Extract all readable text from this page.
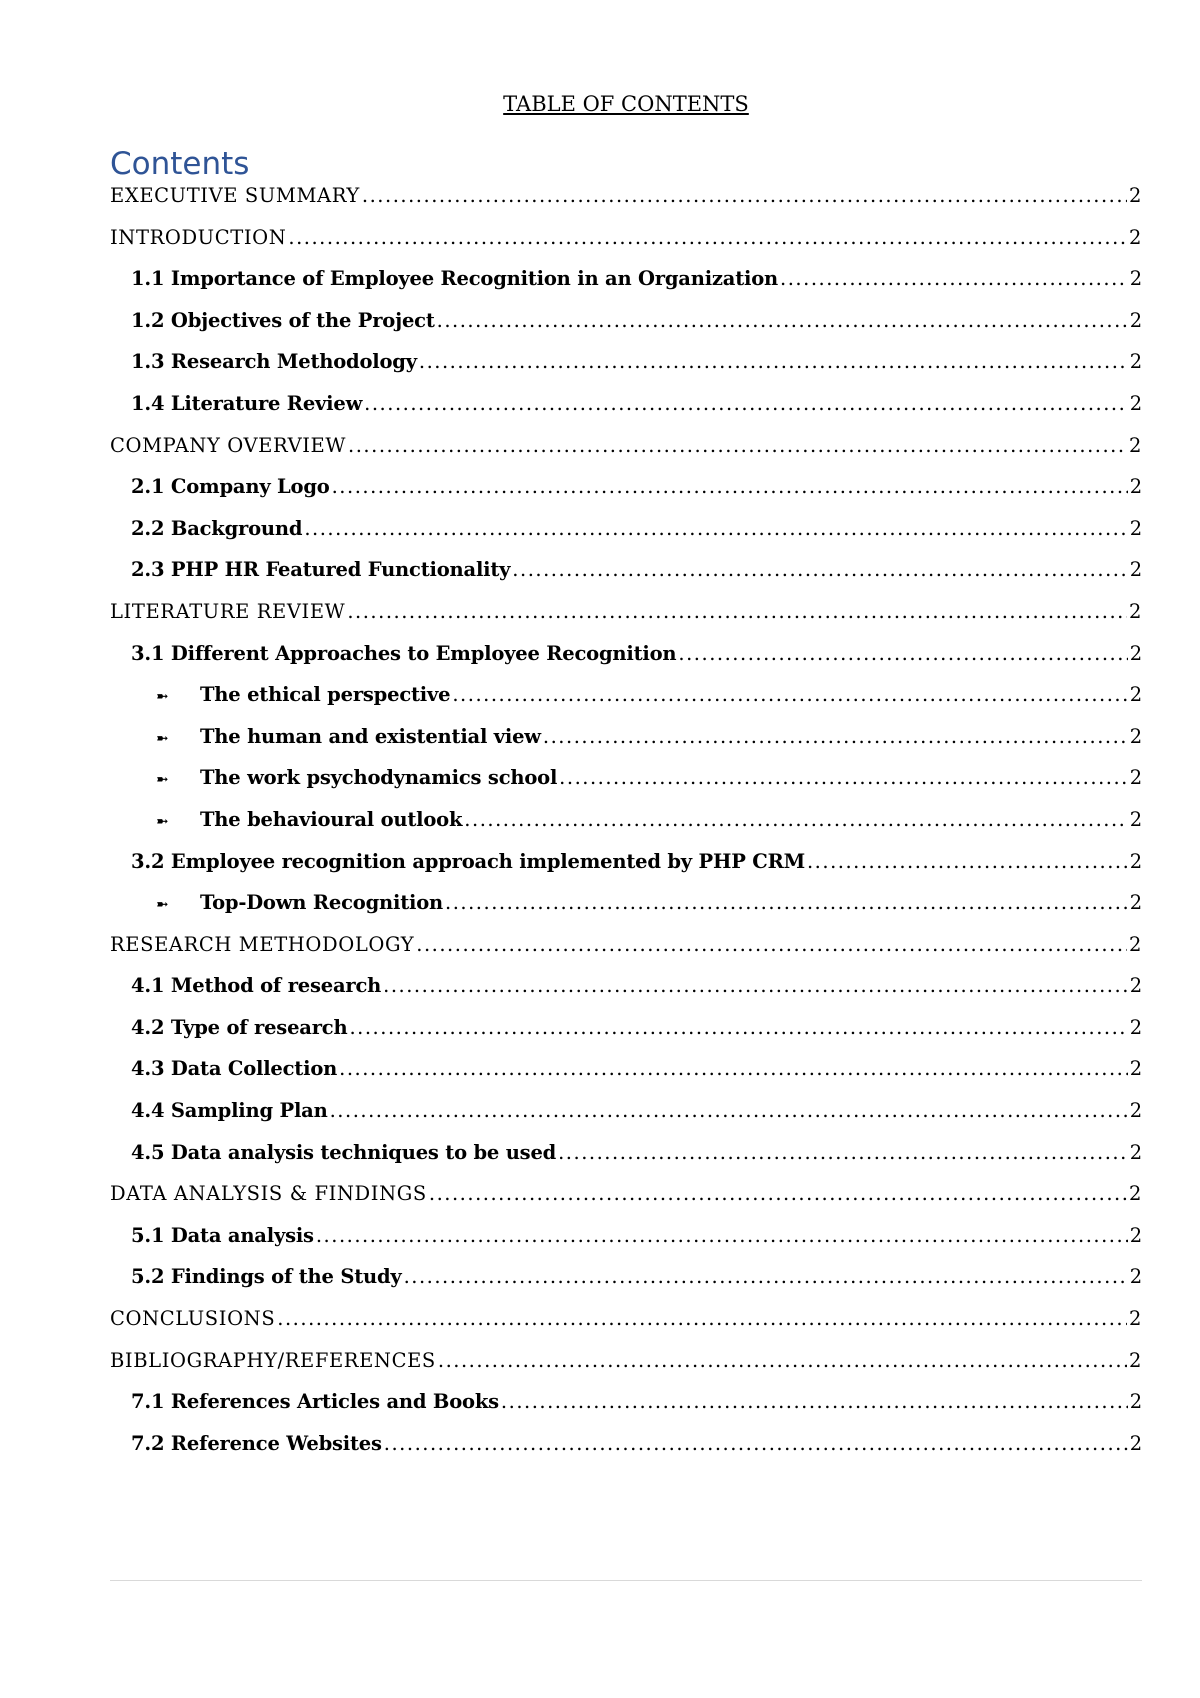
TABLE OF CONTENTS
Contents
EXECUTIVE SUMMARY .....	2
INTRODUCTION .....	2
1.1 Importance of Employee Recognition in an Organization .....	2
1.2 Objectives of the Project .....	2
1.3 Research Methodology .....	2
1.4 Literature Review .....	2
COMPANY OVERVIEW .....	2
2.1 Company Logo .....	2
2.2 Background .....	2
2.3 PHP HR Featured Functionality .....	2
LITERATURE REVIEW .....	2
3.1 Different Approaches to Employee Recognition .....	2
➼	The ethical perspective .....	2
➼	The human and existential view .....	2
➼	The work psychodynamics school .....	2
➼	The behavioural outlook .....	2
3.2 Employee recognition approach implemented by PHP CRM .....	2
➼	Top-Down Recognition .....	2
RESEARCH METHODOLOGY .....	2
4.1 Method of research .....	2
4.2 Type of research .....	2
4.3 Data Collection .....	2
4.4 Sampling Plan .....	2
4.5 Data analysis techniques to be used .....	2
DATA ANALYSIS & FINDINGS .....	2
5.1 Data analysis .....	2
5.2 Findings of the Study .....	2
CONCLUSIONS .....	2
BIBLIOGRAPHY/REFERENCES .....	2
7.1 References Articles and Books .....	2
7.2 Reference Websites .....	2
